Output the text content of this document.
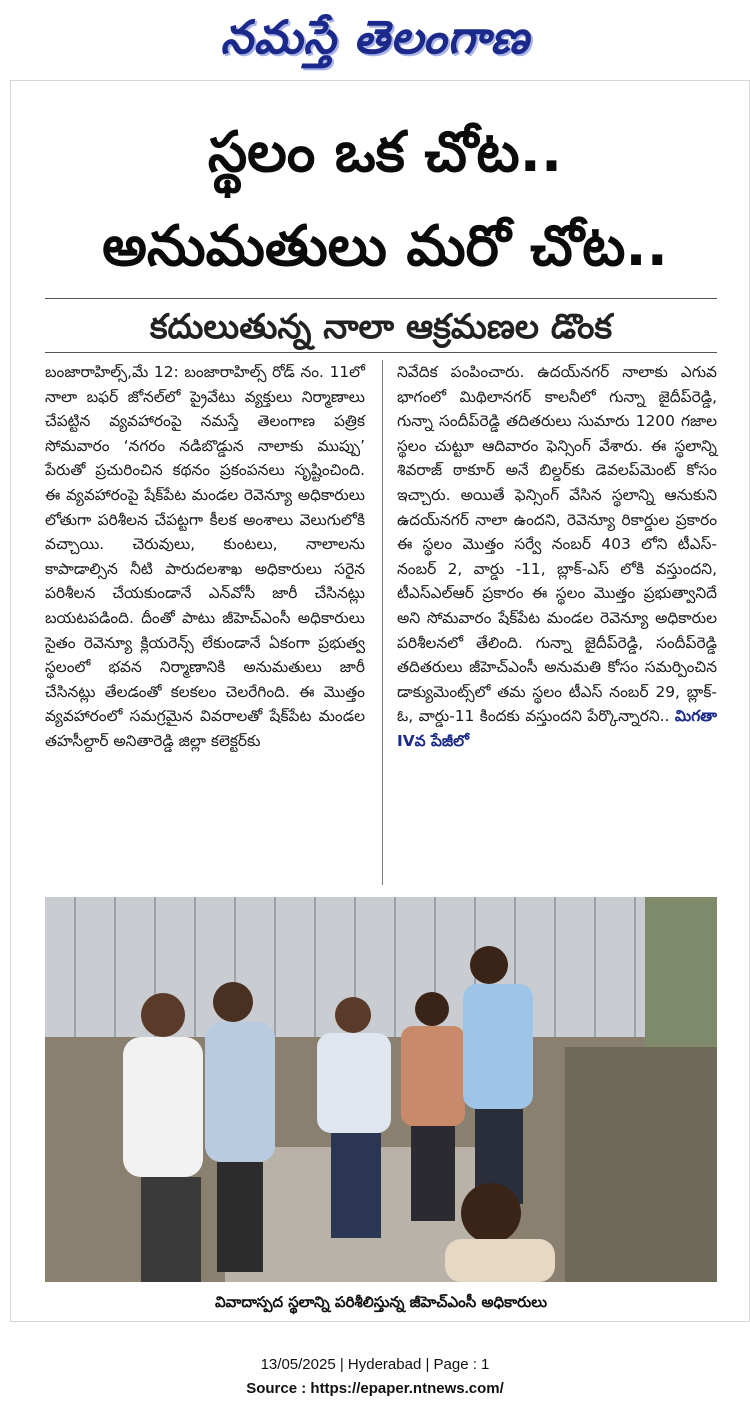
నమస్తే తెలంగాణ
స్థలం ఒక చోట..
అనుమతులు మరో చోట..
కదులుతున్న నాలా ఆక్రమణల డొంక
బంజారాహిల్స్,మే 12: బంజారాహిల్స్ రోడ్ నం. 11లో నాలా బఫర్ జోనల్‌లో ప్రైవేటు వ్యక్తులు నిర్మాణాలు చేపట్టిన వ్యవహారంపై నమస్తే తెలంగాణ పత్రిక సోమవారం ‘నగరం నడిబొడ్డున నాలాకు ముప్పు’ పేరుతో ప్రచురించిన కథనం ప్రకంపనలు సృష్టించింది. ఈ వ్యవహారంపై షేక్‌పేట మండల రెవెన్యూ అధికారులు లోతుగా పరిశీలన చేపట్టగా కీలక అంశాలు వెలుగులోకి వచ్చాయి. చెరువులు, కుంటలు, నాలాలను కాపాడాల్సిన నీటి పారుదలశాఖ అధికారులు సరైన పరిశీలన చేయకుండానే ఎన్‌వోసీ జారీ చేసినట్లు బయటపడింది. దీంతో పాటు జీహెచ్‌ఎంసీ అధికారులు సైతం రెవెన్యూ క్లియరెన్స్ లేకుండానే ఏకంగా ప్రభుత్వ స్థలంలో భవన నిర్మాణానికి అనుమతులు జారీ చేసినట్లు తేలడంతో కలకలం చెలరేగింది. ఈ మొత్తం వ్యవహారంలో సమగ్రమైన వివరాలతో షేక్‌పేట మండల తహసీల్దార్ అనితారెడ్డి జిల్లా కలెక్టర్‌కు
నివేదిక పంపించారు. ఉదయ్‌నగర్ నాలాకు ఎగువ భాగంలో మిథిలానగర్ కాలనీలో గున్నా జైదీప్‌రెడ్డి, గున్నా సందీప్‌రెడ్డి తదితరులు సుమారు 1200 గజాల స్థలం చుట్టూ ఆదివారం ఫెన్సింగ్ వేశారు. ఈ స్థలాన్ని శివరాజ్ ఠాకూర్ అనే బిల్డర్‌కు డెవలప్‌మెంట్ కోసం ఇచ్చారు. అయితే ఫెన్సింగ్ వేసిన స్థలాన్ని ఆనుకుని ఉదయ్‌నగర్ నాలా ఉందని, రెవెన్యూ రికార్డుల ప్రకారం ఈ స్థలం మొత్తం సర్వే నంబర్ 403 లోని టీఎస్‌-నంబర్ 2, వార్డు -11, బ్లాక్-ఎస్ లోకి వస్తుందని, టీఎస్‌ఎల్‌ఆర్ ప్రకారం ఈ స్థలం మొత్తం ప్రభుత్వానిదే అని సోమవారం షేక్‌పేట మండల రెవెన్యూ అధికారుల పరిశీలనలో తేలింది. గున్నా జైదీప్‌రెడ్డి, సందీప్‌రెడ్డి తదితరులు జీహెచ్‌ఎంసీ అనుమతి కోసం సమర్పించిన డాక్యుమెంట్స్‌లో తమ స్థలం టీఎస్ నంబర్ 29, బ్లాక్-ఓ, వార్డు-11 కిందకు వస్తుందని పేర్కొన్నారని.. మిగతా IVవ పేజీలో
వివాదాస్పద స్థలాన్ని పరిశీలిస్తున్న జీహెచ్‌ఎంసీ అధికారులు
13/05/2025 | Hyderabad | Page : 1
Source : https://epaper.ntnews.com/
